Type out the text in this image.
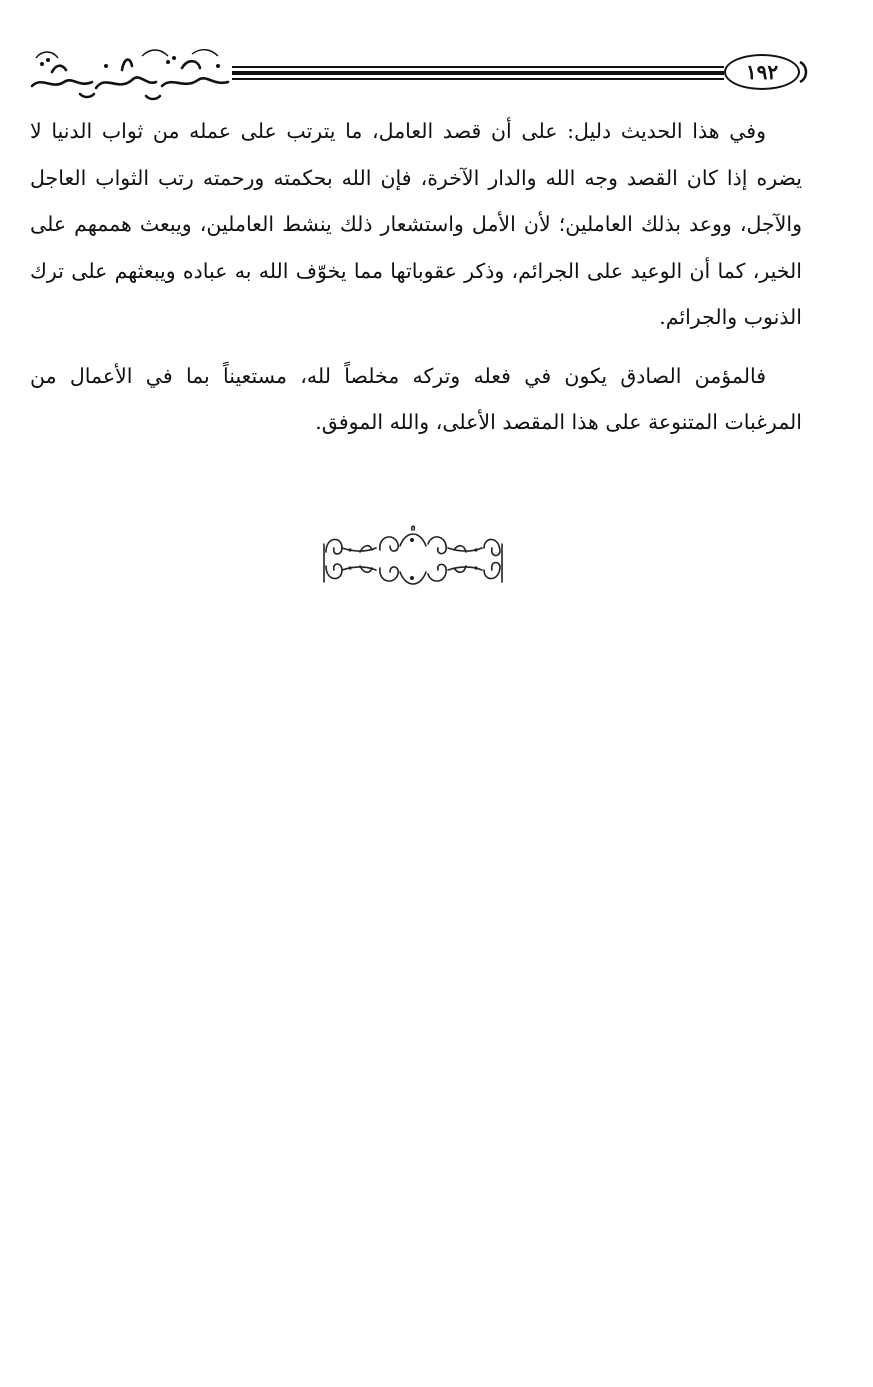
١٩٢

وفي هذا الحديث دليل: على أن قصد العامل، ما يترتب على عمله من ثواب الدنيا لا يضره إذا كان القصد وجه الله والدار الآخرة، فإن الله بحكمته ورحمته رتب الثواب العاجل والآجل، ووعد بذلك العاملين؛ لأن الأمل واستشعار ذلك ينشط العاملين، ويبعث هممهم على الخير، كما أن الوعيد على الجرائم، وذكر عقوباتها مما يخوّف الله به عباده ويبعثهم على ترك الذنوب والجرائم.

فالمؤمن الصادق يكون في فعله وتركه مخلصاً لله، مستعيناً بما في الأعمال من المرغبات المتنوعة على هذا المقصد الأعلى، والله الموفق.
